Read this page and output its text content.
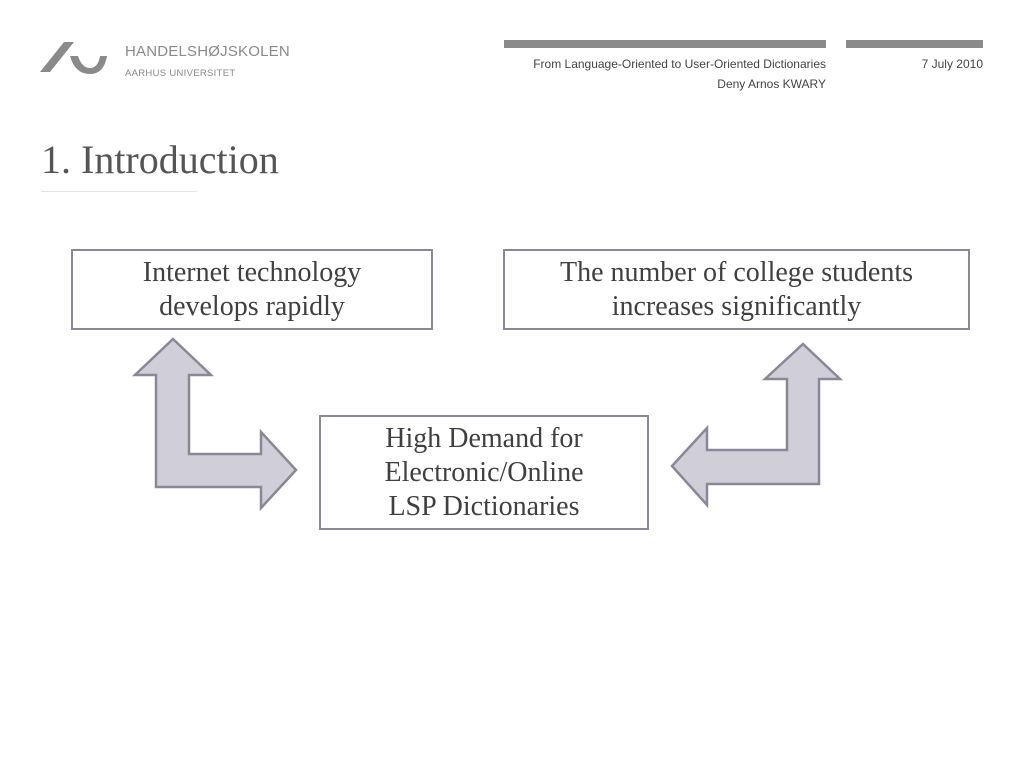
HANDELSHØJSKOLEN
AARHUS UNIVERSITET
From Language-Oriented to User-Oriented Dictionaries
Deny Arnos KWARY
7 July 2010
1. Introduction
Internet technology
develops rapidly
The number of college students
increases significantly
High Demand for
Electronic/Online
LSP Dictionaries
